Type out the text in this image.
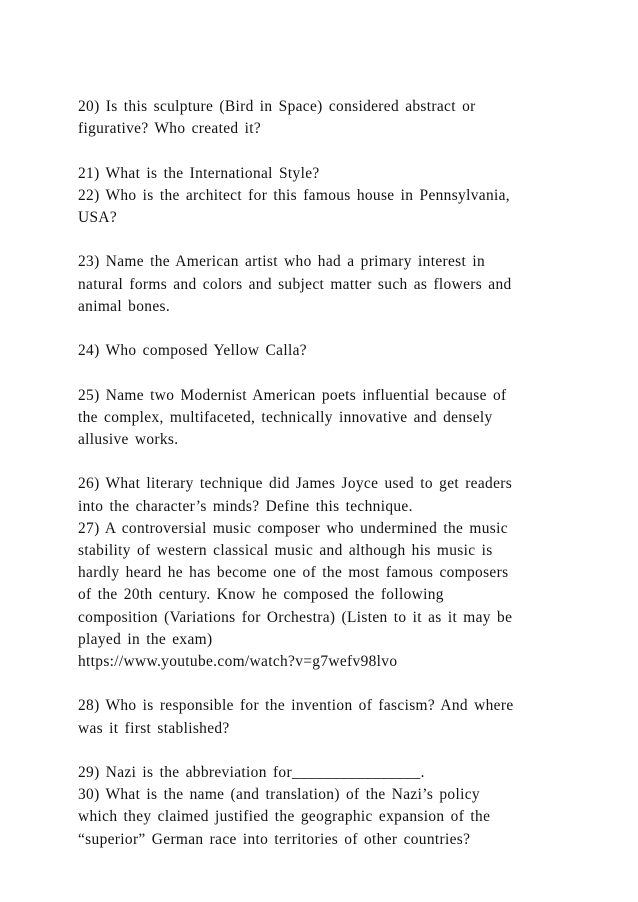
20) Is this sculpture (Bird in Space) considered abstract or
figurative? Who created it?
21) What is the International Style?
22) Who is the architect for this famous house in Pennsylvania,
USA?
23) Name the American artist who had a primary interest in
natural forms and colors and subject matter such as flowers and
animal bones.
24) Who composed Yellow Calla?
25) Name two Modernist American poets influential because of
the complex, multifaceted, technically innovative and densely
allusive works.
26) What literary technique did James Joyce used to get readers
into the character’s minds? Define this technique.
27) A controversial music composer who undermined the music
stability of western classical music and although his music is
hardly heard he has become one of the most famous composers
of the 20th century. Know he composed the following
composition (Variations for Orchestra) (Listen to it as it may be
played in the exam)
https://www.youtube.com/watch?v=g7wefv98lvo
28) Who is responsible for the invention of fascism? And where
was it first stablished?
29) Nazi is the abbreviation for________________.
30) What is the name (and translation) of the Nazi’s policy
which they claimed justified the geographic expansion of the
“superior” German race into territories of other countries?
